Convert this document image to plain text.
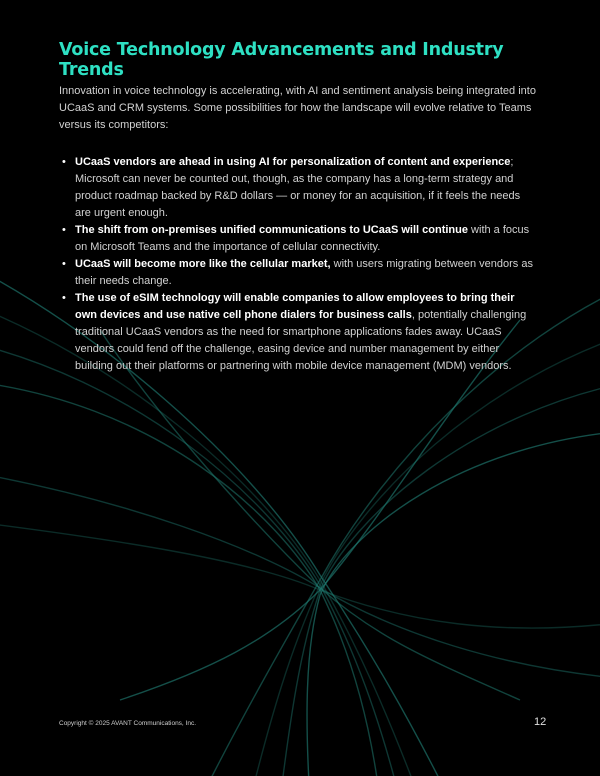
Voice Technology Advancements and Industry Trends

Innovation in voice technology is accelerating, with AI and sentiment analysis being integrated into UCaaS and CRM systems. Some possibilities for how the landscape will evolve relative to Teams versus its competitors:

• UCaaS vendors are ahead in using AI for personalization of content and experience; Microsoft can never be counted out, though, as the company has a long-term strategy and product roadmap backed by R&D dollars — or money for an acquisition, if it feels the needs are urgent enough.
• The shift from on-premises unified communications to UCaaS will continue with a focus on Microsoft Teams and the importance of cellular connectivity.
• UCaaS will become more like the cellular market, with users migrating between vendors as their needs change.
• The use of eSIM technology will enable companies to allow employees to bring their own devices and use native cell phone dialers for business calls, potentially challenging traditional UCaaS vendors as the need for smartphone applications fades away. UCaaS vendors could fend off the challenge, easing device and number management by either building out their platforms or partnering with mobile device management (MDM) vendors.
Copyright © 2025 AVANT Communications, Inc.	12
